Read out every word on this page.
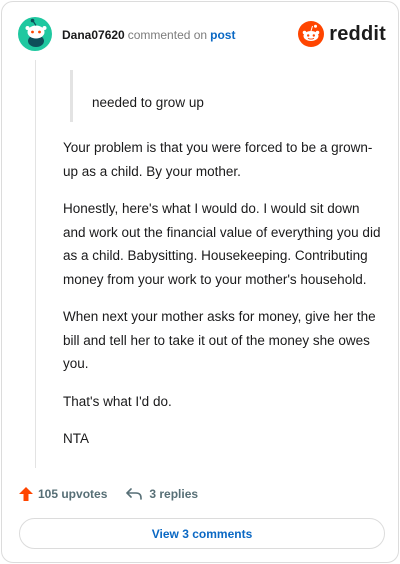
Dana07620 commented on post	reddit
needed to grow up

Your problem is that you were forced to be a grown-up as a child. By your mother.

Honestly, here's what I would do. I would sit down and work out the financial value of everything you did as a child. Babysitting. Housekeeping. Contributing money from your work to your mother's household.

When next your mother asks for money, give her the bill and tell her to take it out of the money she owes you.

That's what I'd do.

NTA

105 upvotes	3 replies
View 3 comments
